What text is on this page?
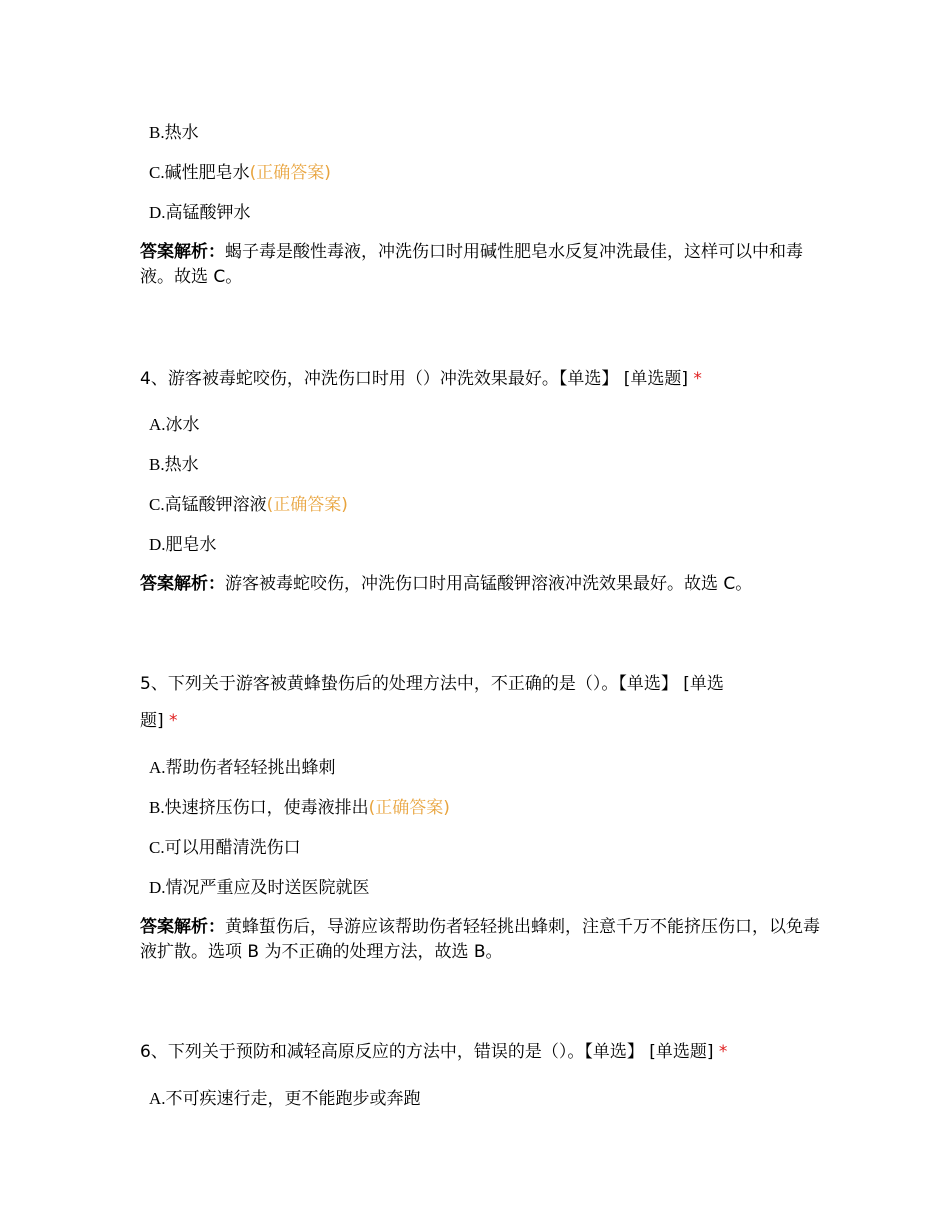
B.热水
C.碱性肥皂水(正确答案)
D.高锰酸钾水
答案解析：蝎子毒是酸性毒液，冲洗伤口时用碱性肥皂水反复冲洗最佳，这样可以中和毒液。故选 C。
4、游客被毒蛇咬伤，冲洗伤口时用（）冲洗效果最好。【单选】 [单选题] *
A.冰水
B.热水
C.高锰酸钾溶液(正确答案)
D.肥皂水
答案解析：游客被毒蛇咬伤，冲洗伤口时用高锰酸钾溶液冲洗效果最好。故选 C。
5、下列关于游客被黄蜂蛰伤后的处理方法中，不正确的是（）。【单选】 [单选
题] *
A.帮助伤者轻轻挑出蜂刺
B.快速挤压伤口，使毒液排出(正确答案)
C.可以用醋清洗伤口
D.情况严重应及时送医院就医
答案解析：黄蜂蜇伤后，导游应该帮助伤者轻轻挑出蜂刺，注意千万不能挤压伤口，以免毒液扩散。选项 B 为不正确的处理方法，故选 B。
6、下列关于预防和减轻高原反应的方法中，错误的是（）。【单选】 [单选题] *
A.不可疾速行走，更不能跑步或奔跑
